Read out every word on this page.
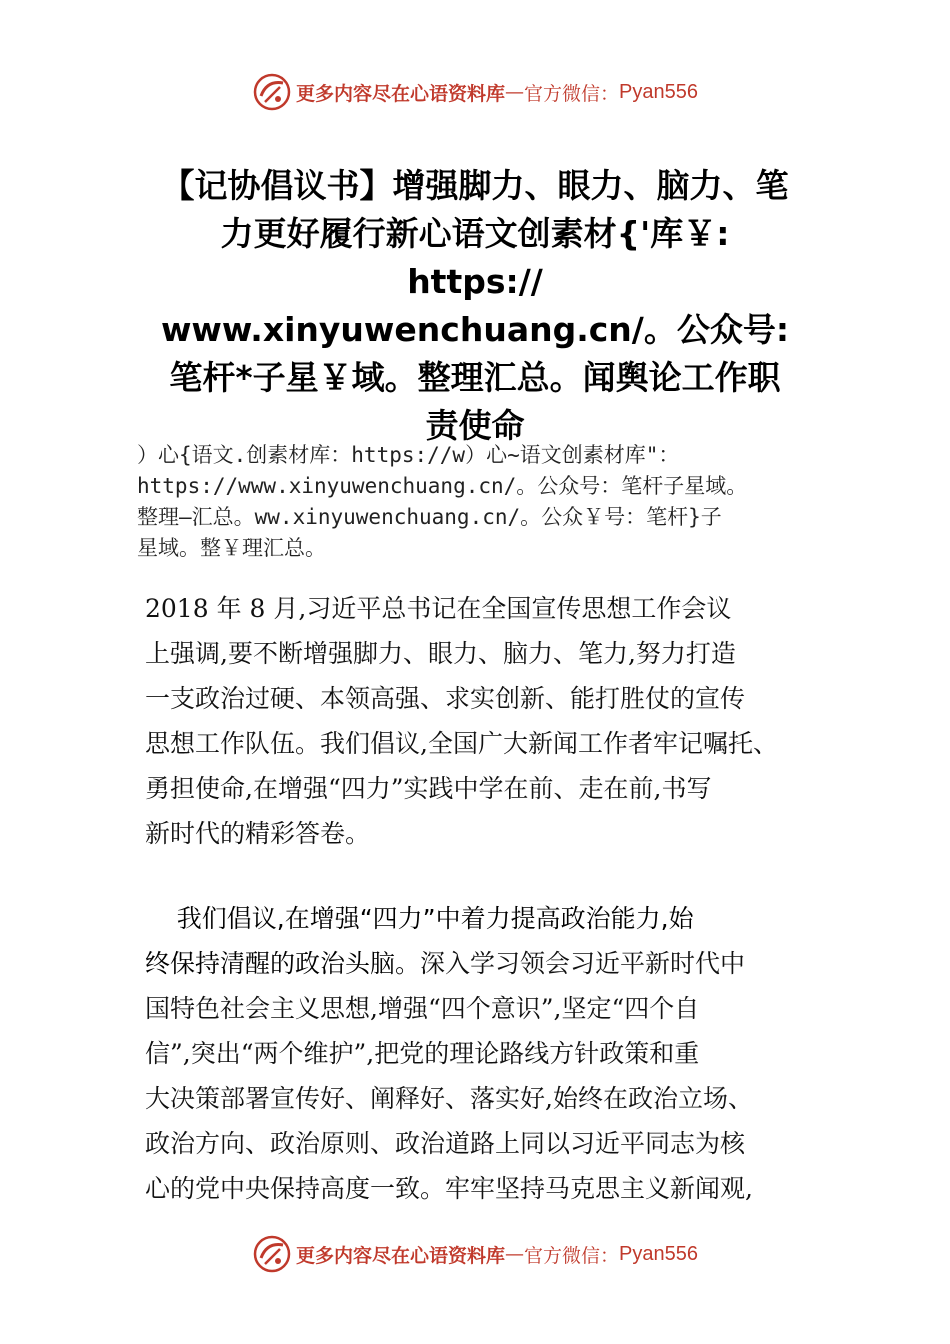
更多内容尽在心语资料库 — 官方微信： Pyan556
【记协倡议书】增强脚力、眼力、脑力、笔
力更好履行新心语文创素材{'库￥:
https://
www.xinyuwenchuang.cn/。公众号:
笔杆*子星￥域。整理汇总。闻舆论工作职
责使命
）心{语文.创素材库：https://w）心~语文创素材库"：
https://www.xinyuwenchuang.cn/。公众号：笔杆子星域。
整理—汇总。ww.xinyuwenchuang.cn/。公众￥号：笔杆}子
星域。整￥理汇总。
2018 年 8 月,习近平总书记在全国宣传思想工作会议
上强调,要不断增强脚力、眼力、脑力、笔力,努力打造
一支政治过硬、本领高强、求实创新、能打胜仗的宣传
思想工作队伍。我们倡议,全国广大新闻工作者牢记嘱托、
勇担使命,在增强“四力”实践中学在前、走在前,书写
新时代的精彩答卷。
我们倡议,在增强“四力”中着力提高政治能力,始
终保持清醒的政治头脑。深入学习领会习近平新时代中
国特色社会主义思想,增强“四个意识”,坚定“四个自
信”,突出“两个维护”,把党的理论路线方针政策和重
大决策部署宣传好、阐释好、落实好,始终在政治立场、
政治方向、政治原则、政治道路上同以习近平同志为核
心的党中央保持高度一致。牢牢坚持马克思主义新闻观,
更多内容尽在心语资料库 — 官方微信： Pyan556
